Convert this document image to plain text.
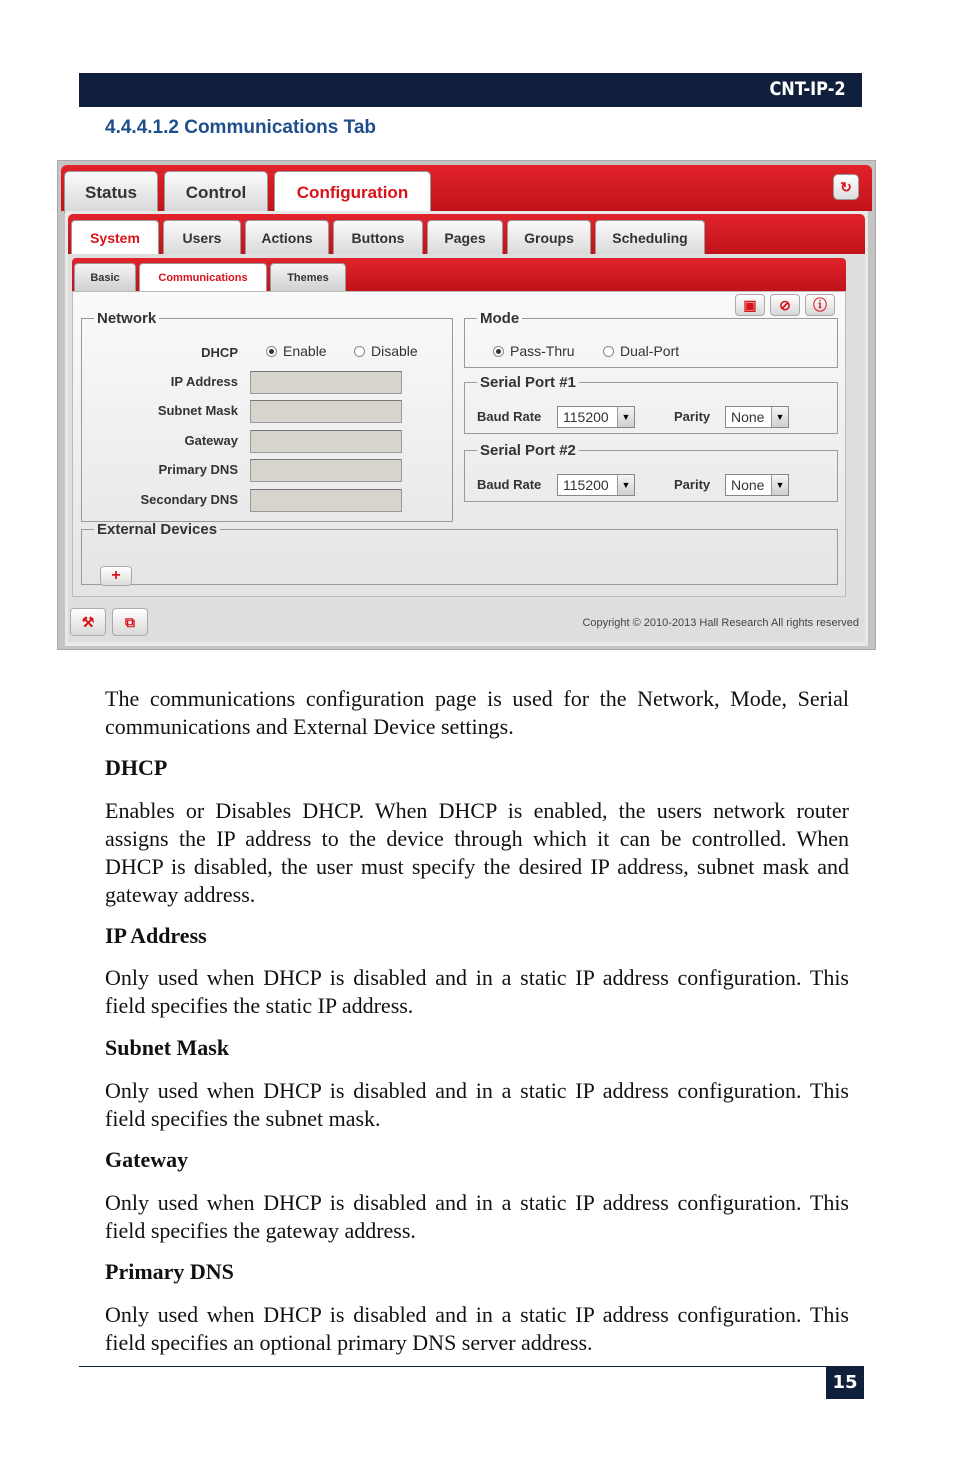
CNT-IP-2
4.4.4.1.2 Communications Tab
Status	Control	Configuration	↻
System	Users	Actions	Buttons	Pages	Groups	Scheduling
Basic	Communications	Themes
▣	⊘	ⓘ
Network
DHCP	Enable	Disable
IP Address
Subnet Mask
Gateway
Primary DNS
Secondary DNS
Mode
Pass-Thru	Dual-Port
Serial Port #1
Baud Rate	115200	▼	Parity	None	▼
Serial Port #2
Baud Rate	115200	▼	Parity	None	▼
External Devices
+
⚒	⧉	Copyright © 2010-2013 Hall Research All rights reserved
The communications configuration page is used for the Network, Mode, Serial communications and External Device settings.
DHCP
Enables or Disables DHCP. When DHCP is enabled, the users network router assigns the IP address to the device through which it can be controlled. When DHCP is disabled, the user must specify the desired IP address, subnet mask and gateway address.
IP Address
Only used when DHCP is disabled and in a static IP address configuration. This field specifies the static IP address.
Subnet Mask
Only used when DHCP is disabled and in a static IP address configuration. This field specifies the subnet mask.
Gateway
Only used when DHCP is disabled and in a static IP address configuration. This field specifies the gateway address.
Primary DNS
Only used when DHCP is disabled and in a static IP address configuration. This field specifies an optional primary DNS server address.
15
